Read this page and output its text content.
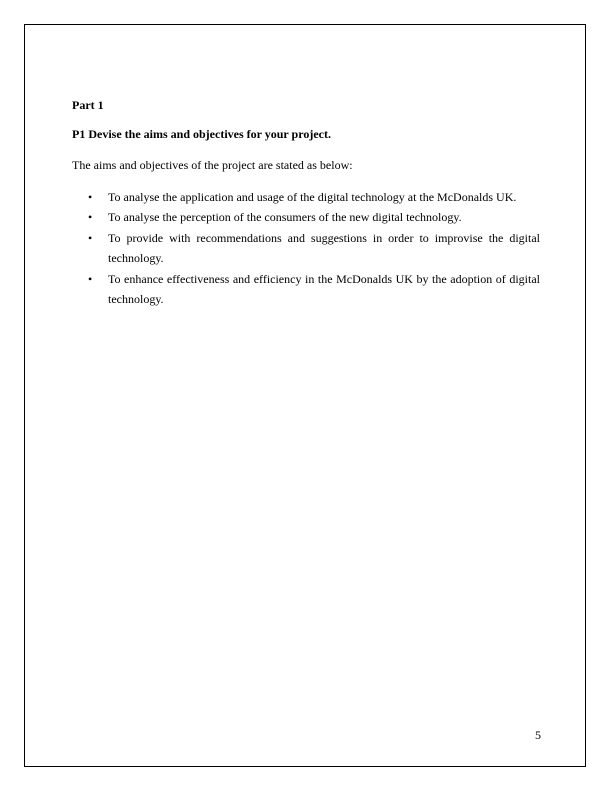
Part 1

P1 Devise the aims and objectives for your project.

The aims and objectives of the project are stated as below:

• To analyse the application and usage of the digital technology at the McDonalds UK.
• To analyse the perception of the consumers of the new digital technology.
• To provide with recommendations and suggestions in order to improvise the digital technology.
• To enhance effectiveness and efficiency in the McDonalds UK by the adoption of digital technology.
5
